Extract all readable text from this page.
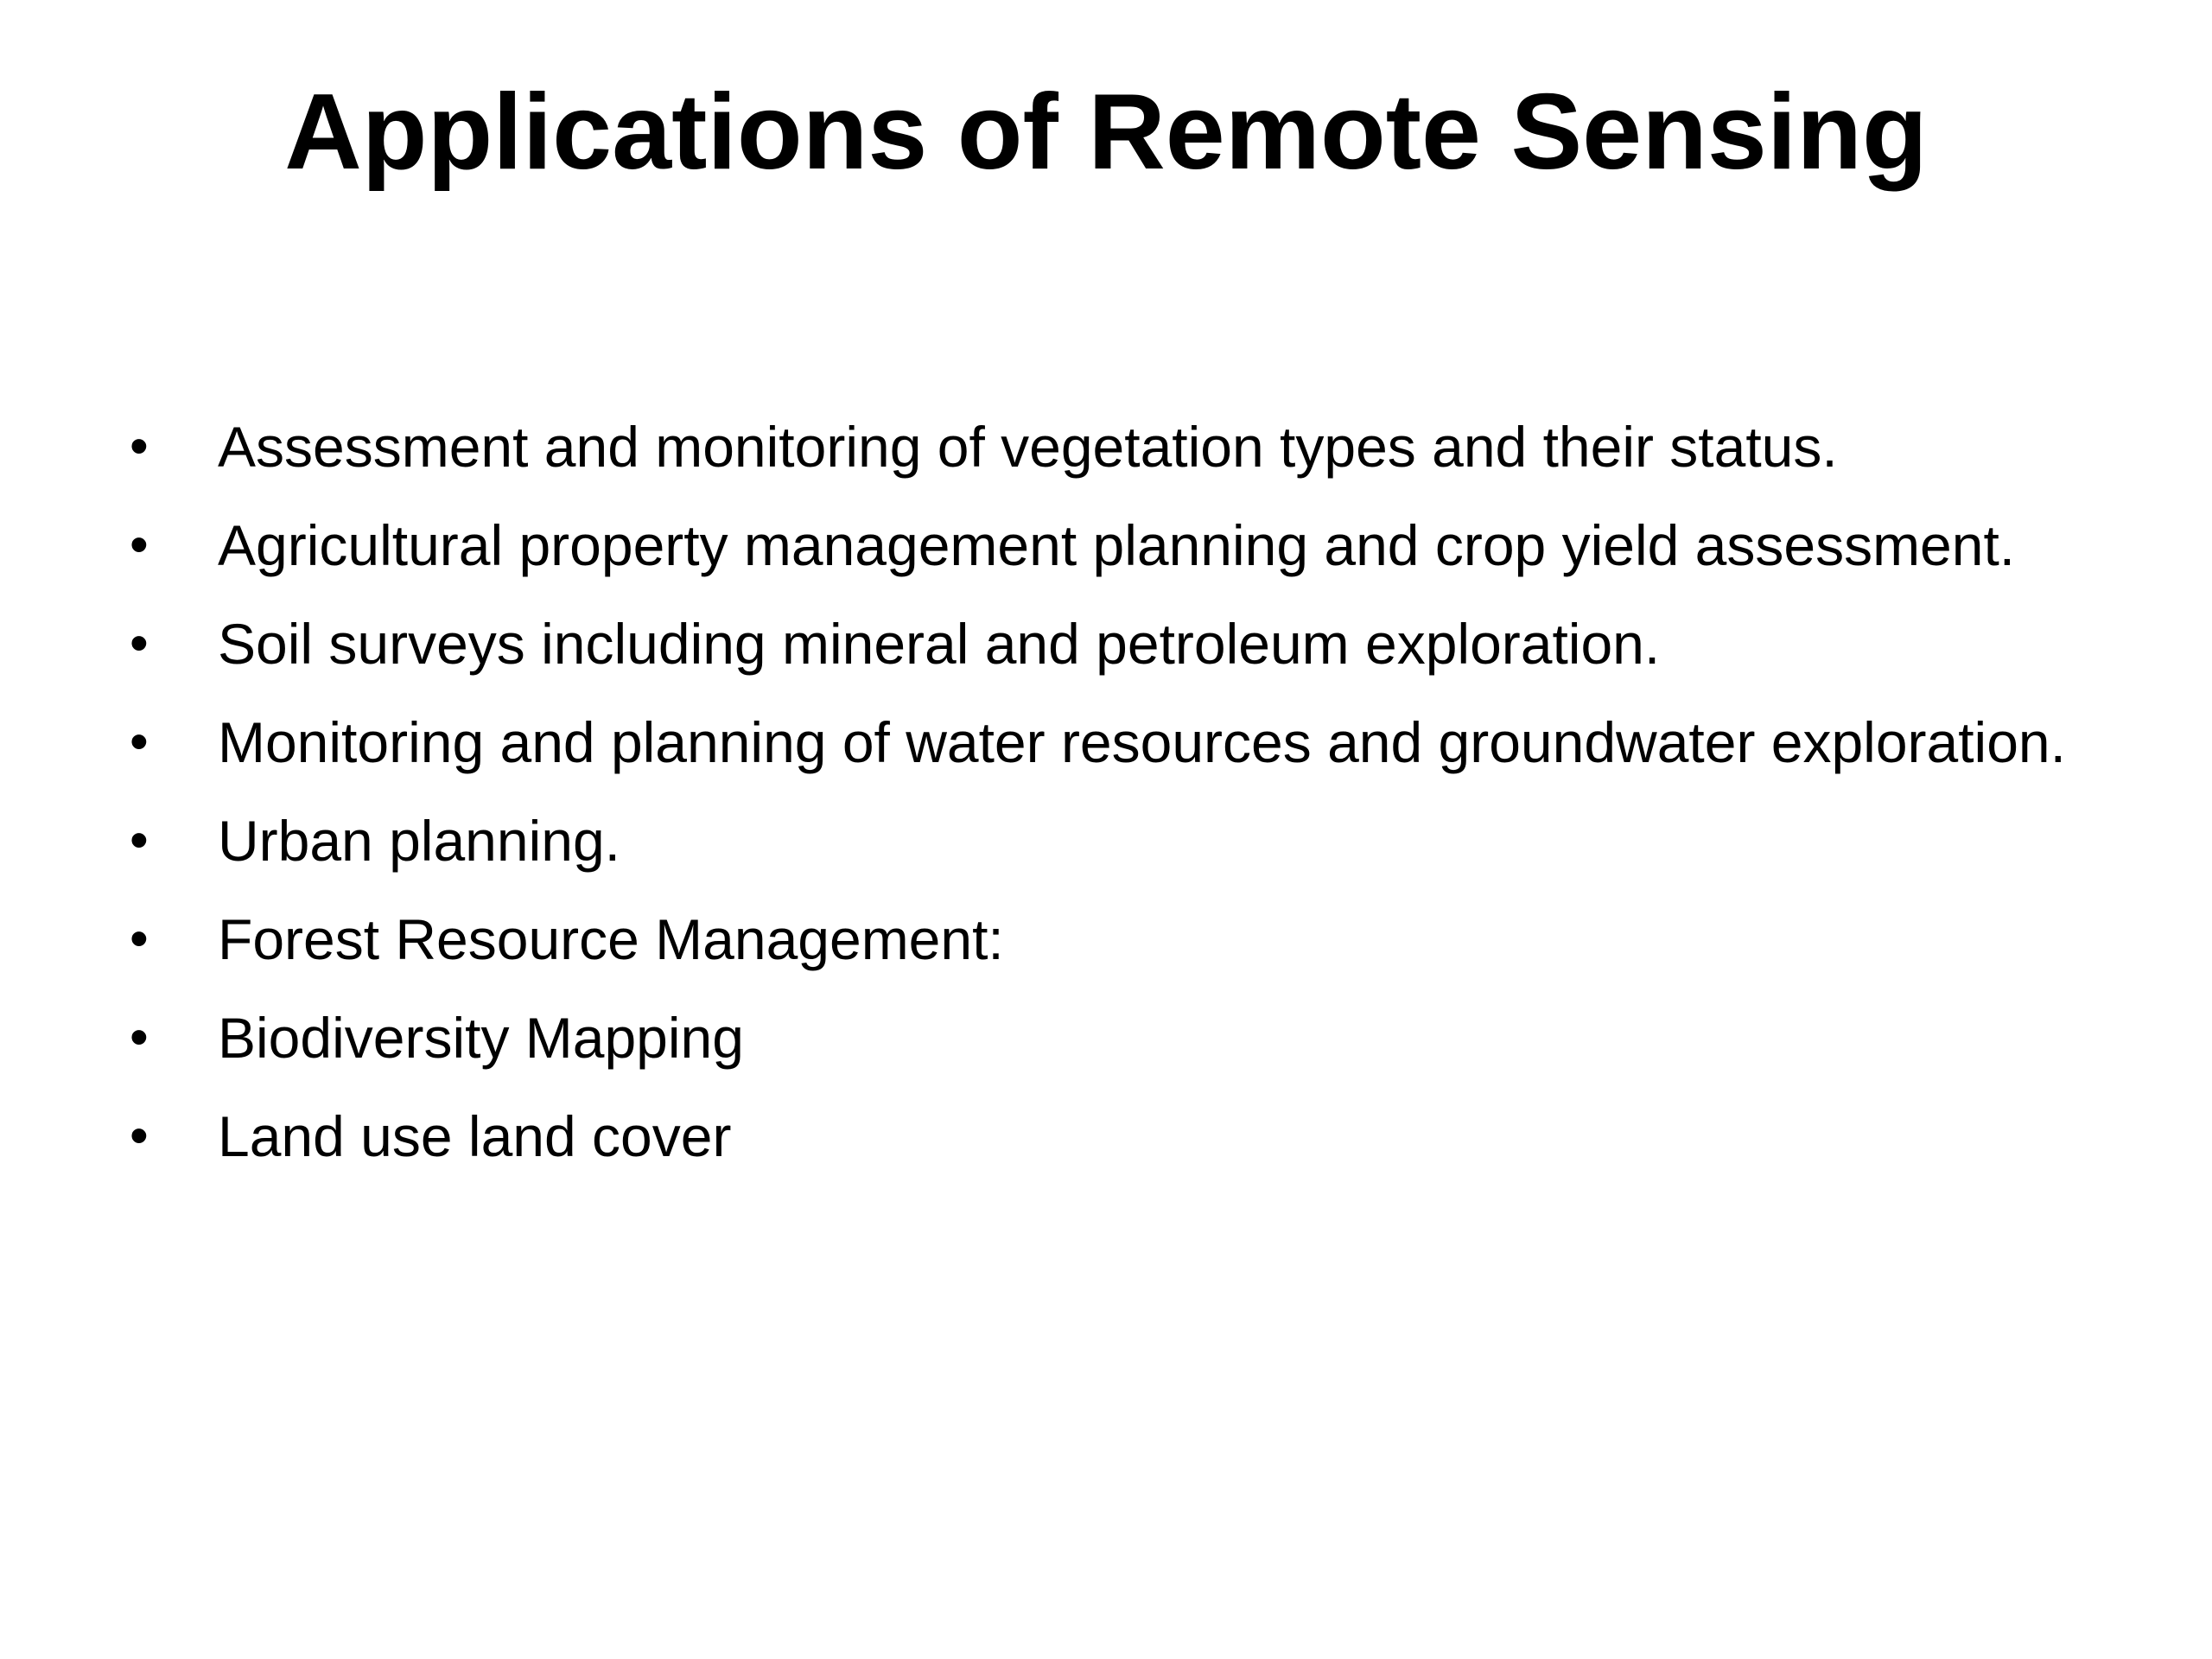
Applications of Remote Sensing
•
Assessment and monitoring of vegetation types and their status.
•
Agricultural property management planning and crop yield assessment.
•
Soil surveys including mineral and petroleum exploration.
•
Monitoring and planning of water resources and groundwater exploration.
•
Urban planning.
•
Forest Resource Management:
•
Biodiversity Mapping
•
Land use land cover
